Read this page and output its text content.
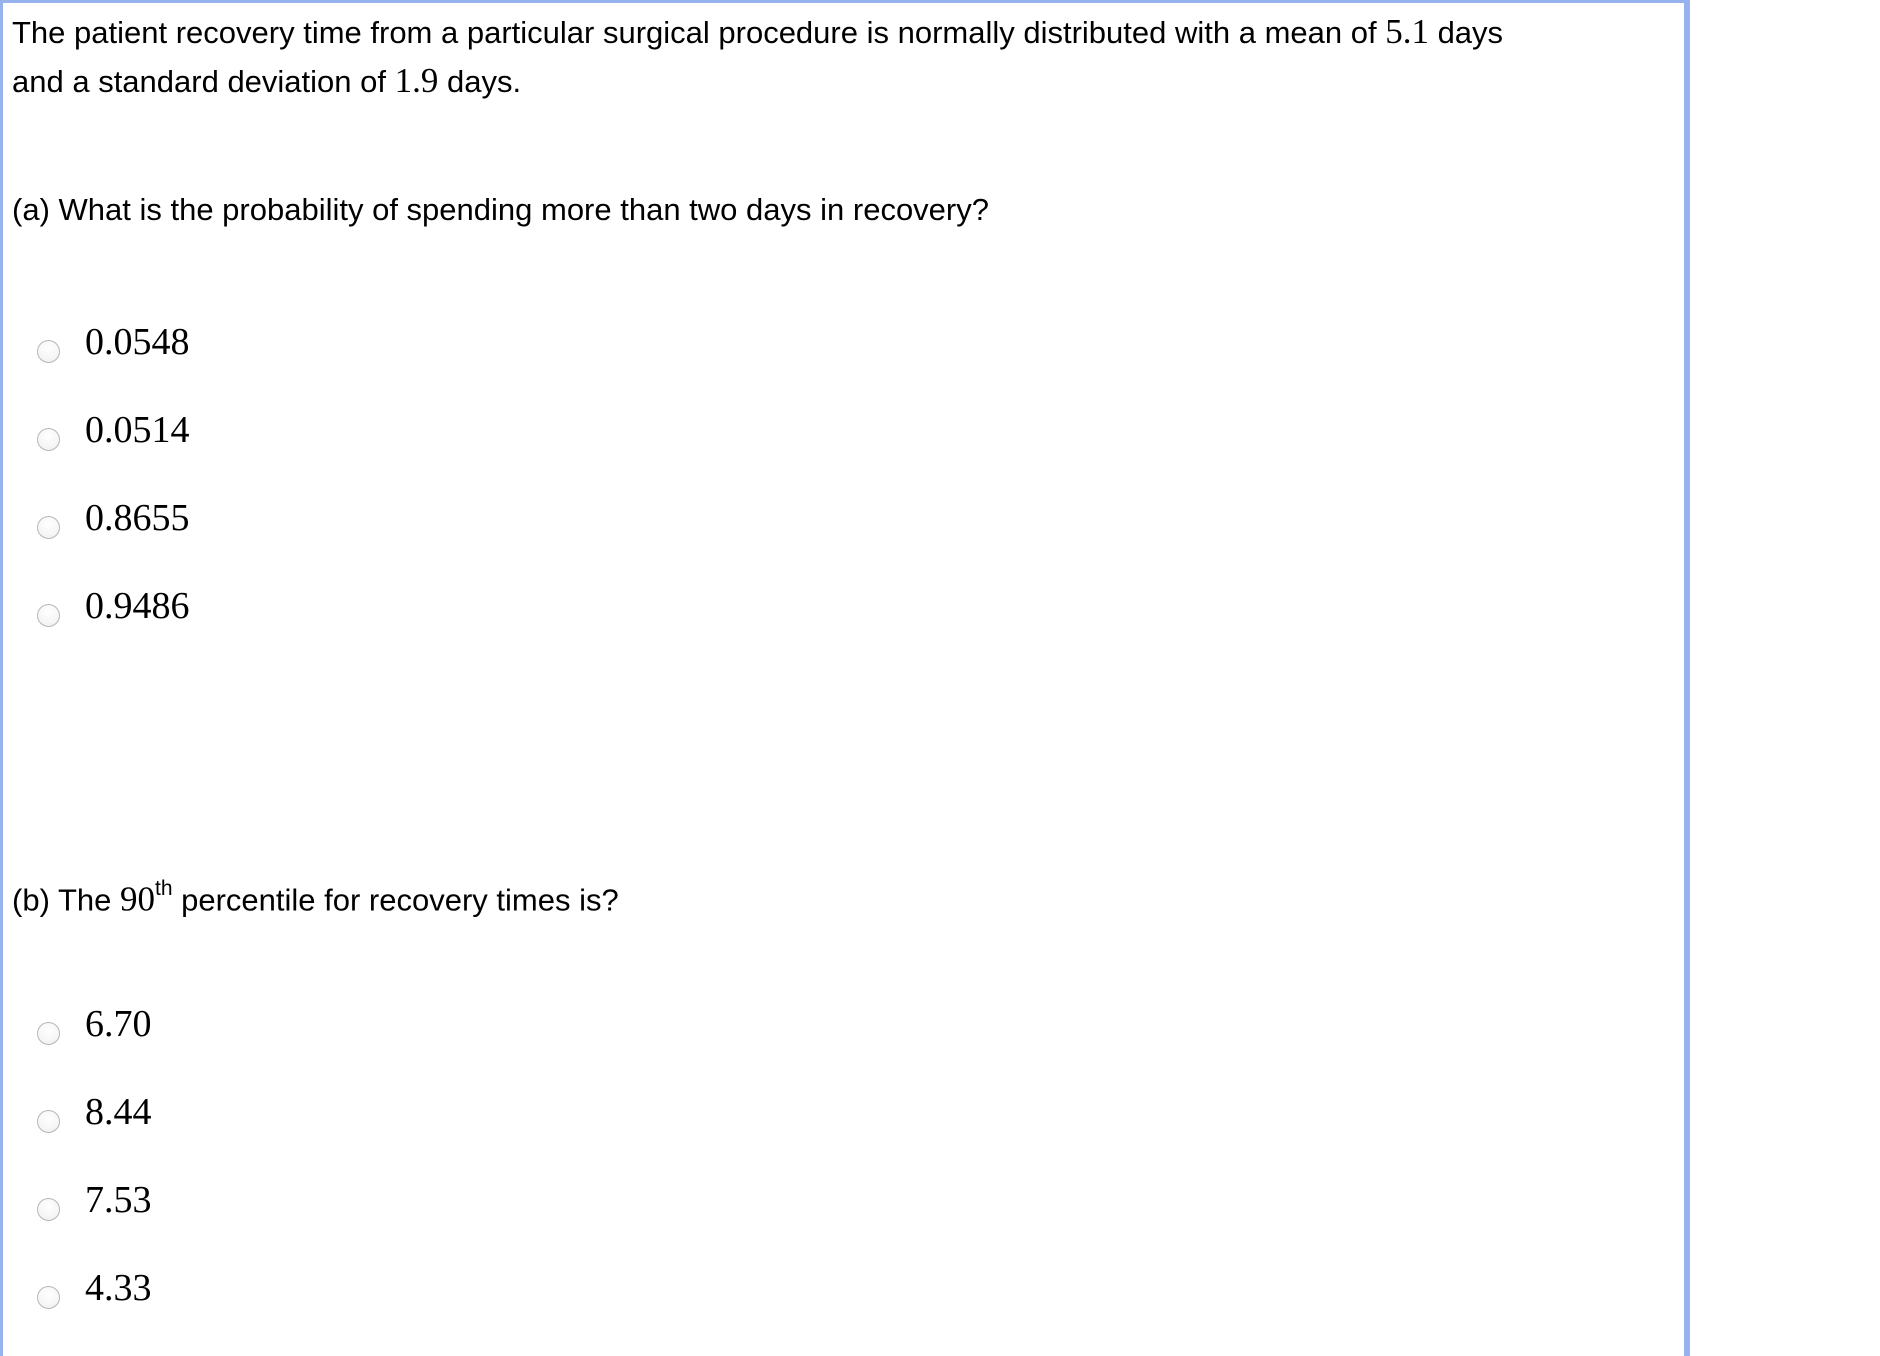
The patient recovery time from a particular surgical procedure is normally distributed with a mean of 5.1 days
and a standard deviation of 1.9 days.
(a) What is the probability of spending more than two days in recovery?
0.0548
0.0514
0.8655
0.9486
(b) The 90th percentile for recovery times is?
6.70
8.44
7.53
4.33
